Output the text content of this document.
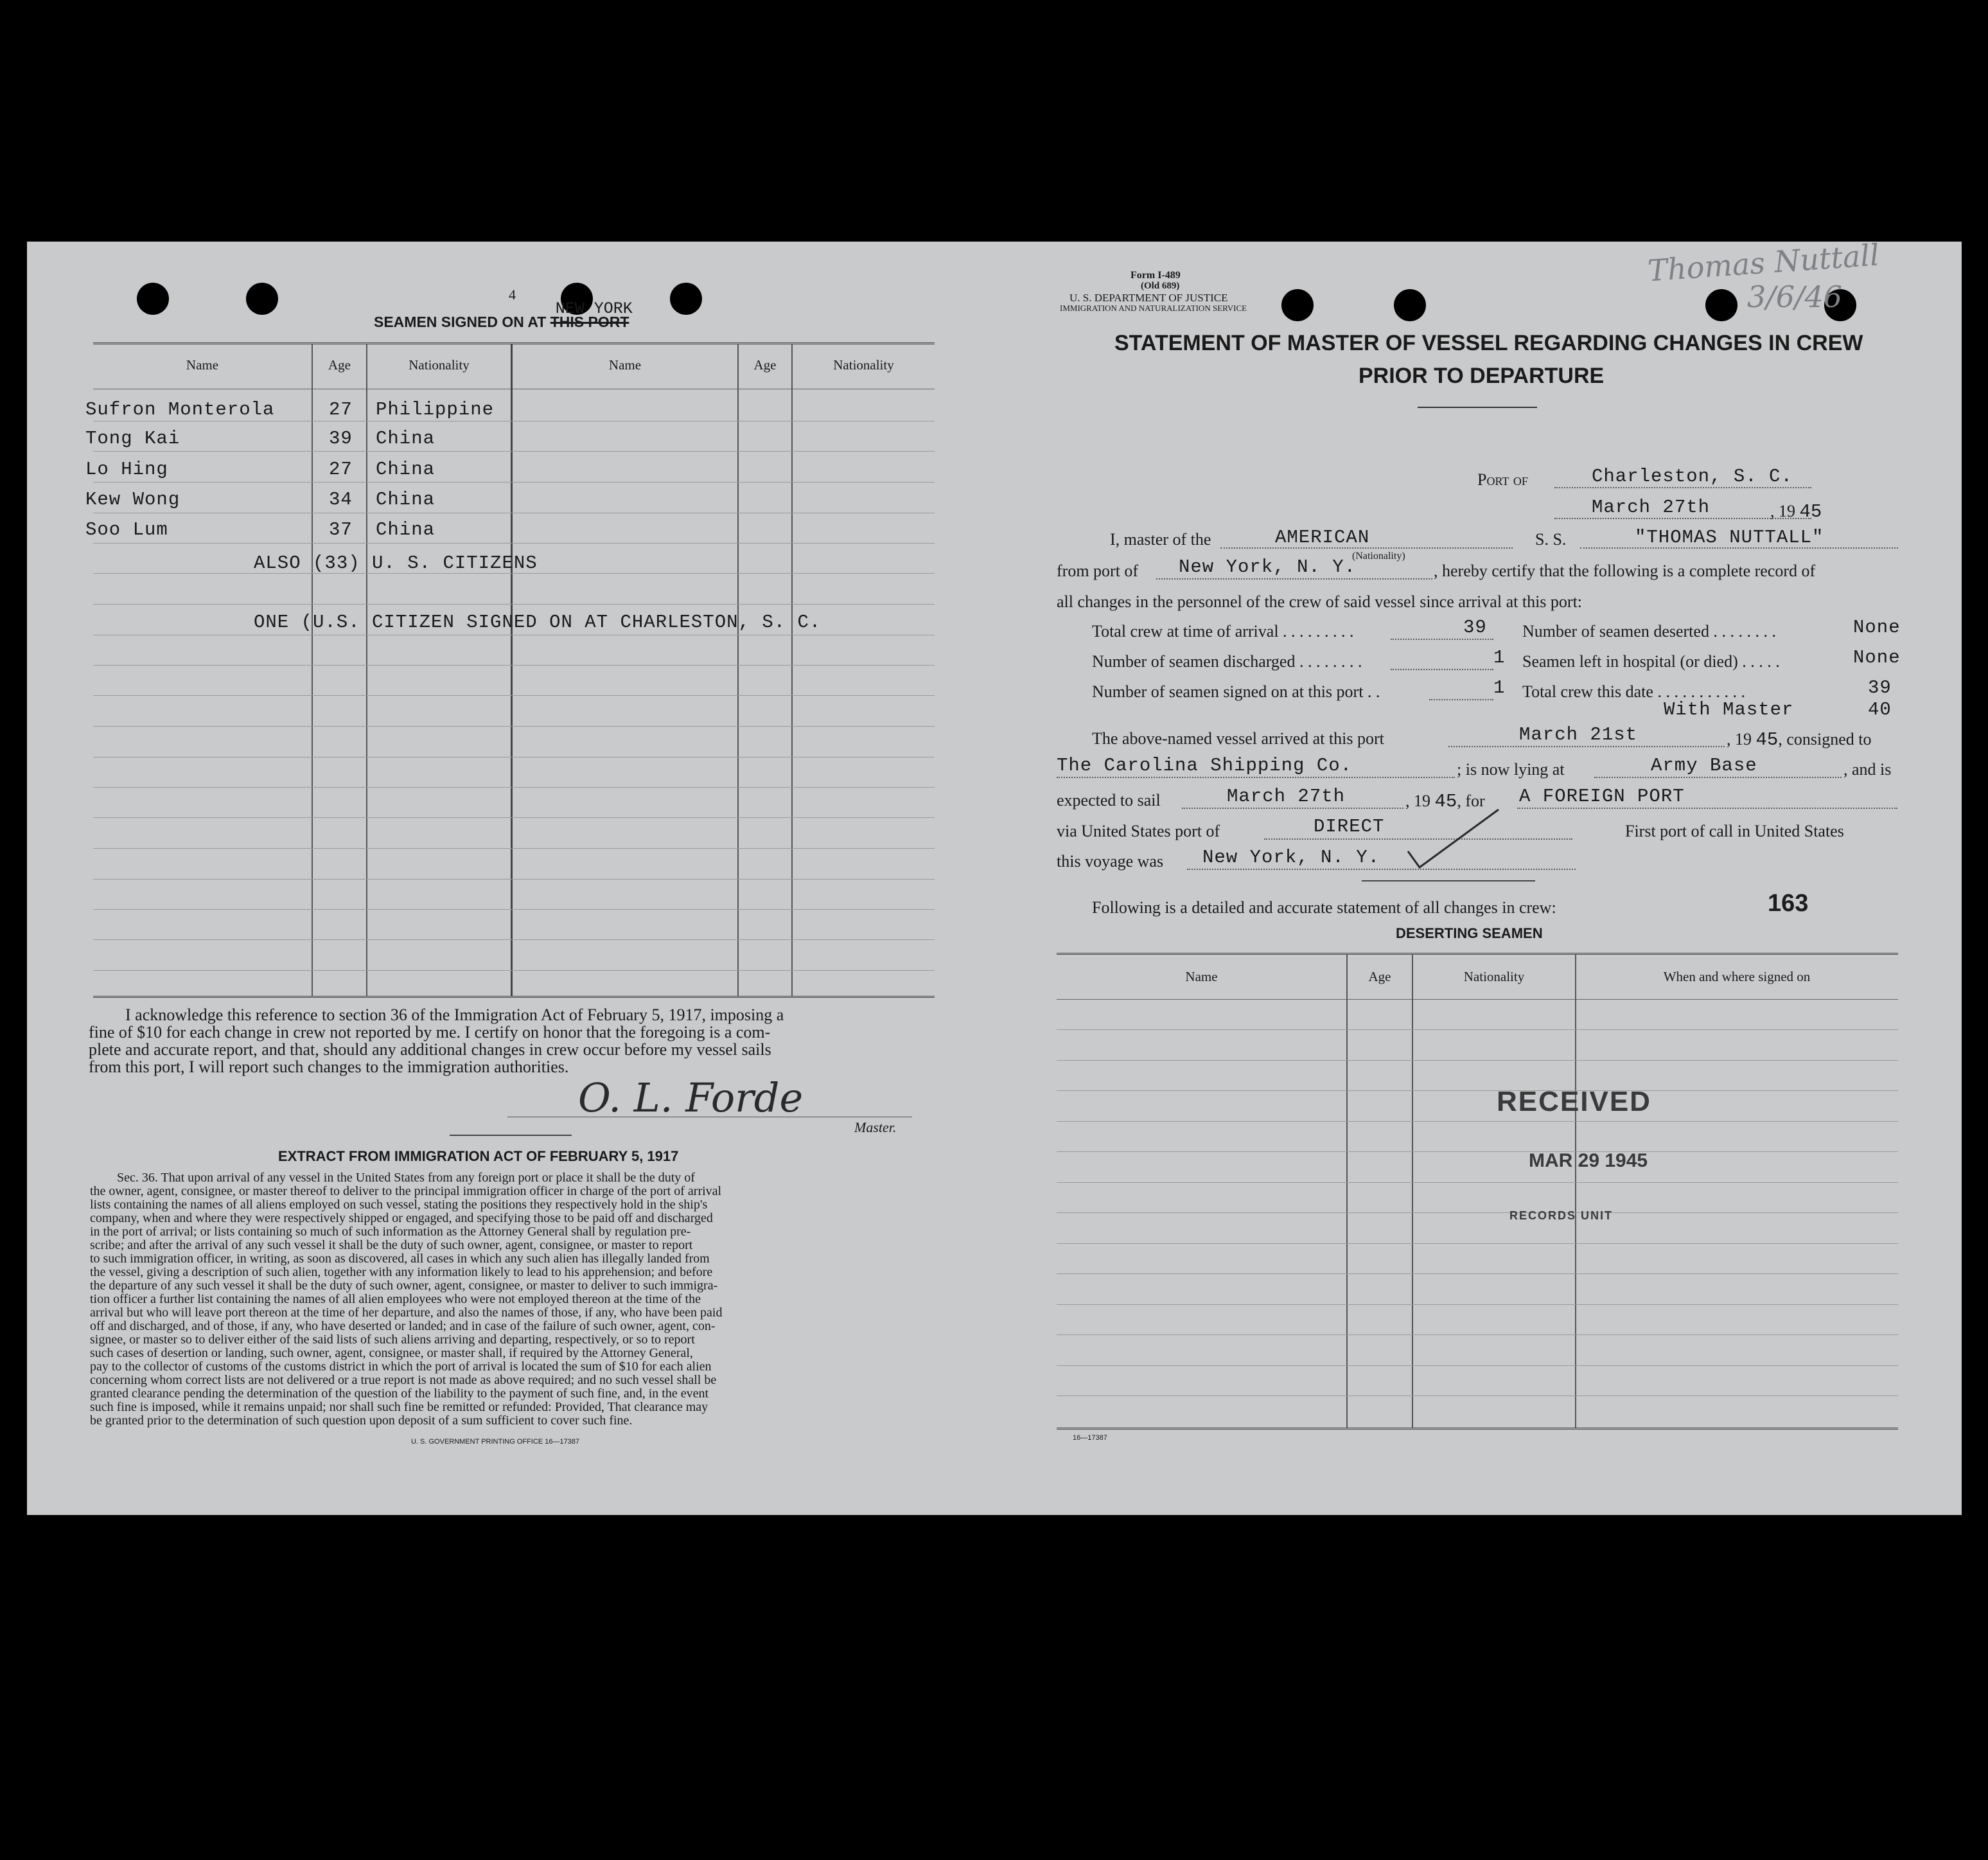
4
SEAMEN SIGNED ON AT THIS PORT
NEW YORK
Name	Age	Nationality	Name	Age	Nationality
Sufron Monterola	27 Philippine
Tong Kai	39 China
Lo Hing	27 China
Kew Wong	34 China
Soo Lum	37 China
ALSO (33) U. S. CITIZENS
ONE (U.S. CITIZEN SIGNED ON AT CHARLESTON, S. C.
I acknowledge this reference to section 36 of the Immigration Act of February 5, 1917, imposing a
fine of $10 for each change in crew not reported by me. I certify on honor that the foregoing is a com-
plete and accurate report, and that, should any additional changes in crew occur before my vessel sails
from this port, I will report such changes to the immigration authorities.
O. L. Forde
Master.
EXTRACT FROM IMMIGRATION ACT OF FEBRUARY 5, 1917
Sec. 36. That upon arrival of any vessel in the United States from any foreign port or place it shall be the duty of
the owner, agent, consignee, or master thereof to deliver to the principal immigration officer in charge of the port of arrival
lists containing the names of all aliens employed on such vessel, stating the positions they respectively hold in the ship's
company, when and where they were respectively shipped or engaged, and specifying those to be paid off and discharged
in the port of arrival; or lists containing so much of such information as the Attorney General shall by regulation pre-
scribe; and after the arrival of any such vessel it shall be the duty of such owner, agent, consignee, or master to report
to such immigration officer, in writing, as soon as discovered, all cases in which any such alien has illegally landed from
the vessel, giving a description of such alien, together with any information likely to lead to his apprehension; and before
the departure of any such vessel it shall be the duty of such owner, agent, consignee, or master to deliver to such immigra-
tion officer a further list containing the names of all alien employees who were not employed thereon at the time of the
arrival but who will leave port thereon at the time of her departure, and also the names of those, if any, who have been paid
off and discharged, and of those, if any, who have deserted or landed; and in case of the failure of such owner, agent, con-
signee, or master so to deliver either of the said lists of such aliens arriving and departing, respectively, or so to report
such cases of desertion or landing, such owner, agent, consignee, or master shall, if required by the Attorney General,
pay to the collector of customs of the customs district in which the port of arrival is located the sum of $10 for each alien
concerning whom correct lists are not delivered or a true report is not made as above required; and no such vessel shall be
granted clearance pending the determination of the question of the liability to the payment of such fine, and, in the event
such fine is imposed, while it remains unpaid; nor shall such fine be remitted or refunded: Provided, That clearance may
be granted prior to the determination of such question upon deposit of a sum sufficient to cover such fine.
U. S. GOVERNMENT PRINTING OFFICE 16—17387
Form I-489
(Old 689)
U. S. DEPARTMENT OF JUSTICE
IMMIGRATION AND NATURALIZATION SERVICE
Thomas Nuttall
3/6/46
STATEMENT OF MASTER OF VESSEL REGARDING CHANGES IN CREW
PRIOR TO DEPARTURE
Port of	Charleston, S. C.
March 27th	, 19 45
I, master of the	AMERICAN
(Nationality)
S. S.	"THOMAS NUTTALL"
from port of New York, N. Y.	, hereby certify that the following is a complete record of
all changes in the personnel of the crew of said vessel since arrival at this port:
Total crew at time of arrival . . . . . . . . .	39 Number of seamen deserted . . . . . . . .	None
Number of seamen discharged . . . . . . . .	1 Seamen left in hospital (or died) . . . . .	None
Number of seamen signed on at this port . .	1 Total crew this date . . . . . . . . . . .	39
With Master	40
The above-named vessel arrived at this port	March 21st	, 19 45, consigned to
The Carolina Shipping Co.	; is now lying at	Army Base	, and is
expected to sail	March 27th	, 19 45, for A FOREIGN PORT
via United States port of	DIRECT	First port of call in United States
this voyage was New York, N. Y.
Following is a detailed and accurate statement of all changes in crew:	163
DESERTING SEAMEN
Name	Age	Nationality	When and where signed on
RECEIVED
MAR 29 1945
RECORDS UNIT
16—17387
